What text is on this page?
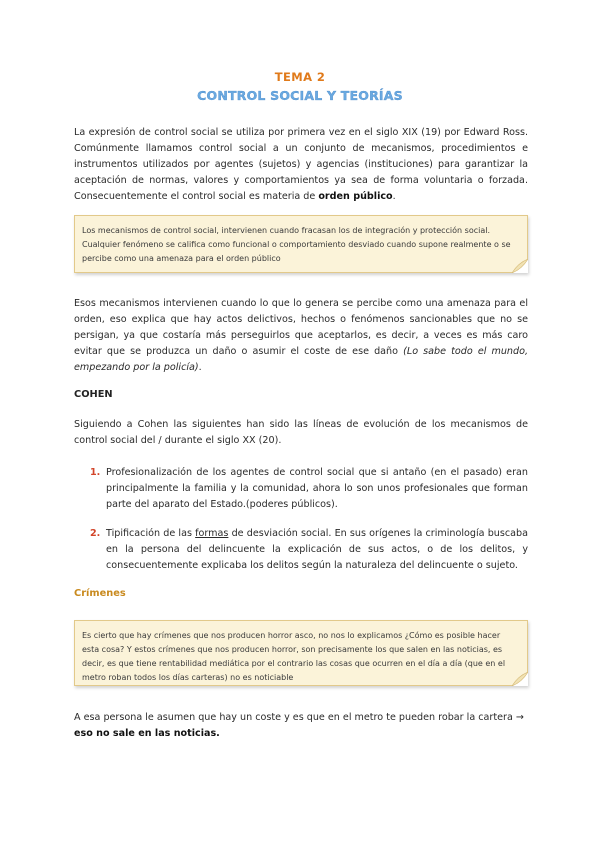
TEMA 2
CONTROL SOCIAL Y TEORÍAS
La expresión de control social se utiliza por primera vez en el siglo XIX (19) por Edward Ross. Comúnmente llamamos control social a un conjunto de mecanismos, procedimientos e instrumentos utilizados por agentes (sujetos) y agencias (instituciones) para garantizar la aceptación de normas, valores y comportamientos ya sea de forma voluntaria o forzada. Consecuentemente el control social es materia de orden público.
Los mecanismos de control social, intervienen cuando fracasan los de integración y protección social. Cualquier fenómeno se califica como funcional o comportamiento desviado cuando supone realmente o se percibe como una amenaza para el orden público
Esos mecanismos intervienen cuando lo que lo genera se percibe como una amenaza para el orden, eso explica que hay actos delictivos, hechos o fenómenos sancionables que no se persigan, ya que costaría más perseguirlos que aceptarlos, es decir, a veces es más caro evitar que se produzca un daño o asumir el coste de ese daño (Lo sabe todo el mundo, empezando por la policía).
COHEN
Siguiendo a Cohen las siguientes han sido las líneas de evolución de los mecanismos de control social del / durante el siglo XX (20).
1. Profesionalización de los agentes de control social que si antaño (en el pasado) eran principalmente la familia y la comunidad, ahora lo son unos profesionales que forman parte del aparato del Estado.(poderes públicos).
2. Tipificación de las formas de desviación social. En sus orígenes la criminología buscaba en la persona del delincuente la explicación de sus actos, o de los delitos, y consecuentemente explicaba los delitos según la naturaleza del delincuente o sujeto.
Crímenes
Es cierto que hay crímenes que nos producen horror asco, no nos lo explicamos ¿Cómo es posible hacer esta cosa? Y estos crímenes que nos producen horror, son precisamente los que salen en las noticias, es decir, es que tiene rentabilidad mediática por el contrario las cosas que ocurren en el día a día (que en el metro roban todos los días carteras) no es noticiable
A esa persona le asumen que hay un coste y es que en el metro te pueden robar la cartera →
eso no sale en las noticias.
